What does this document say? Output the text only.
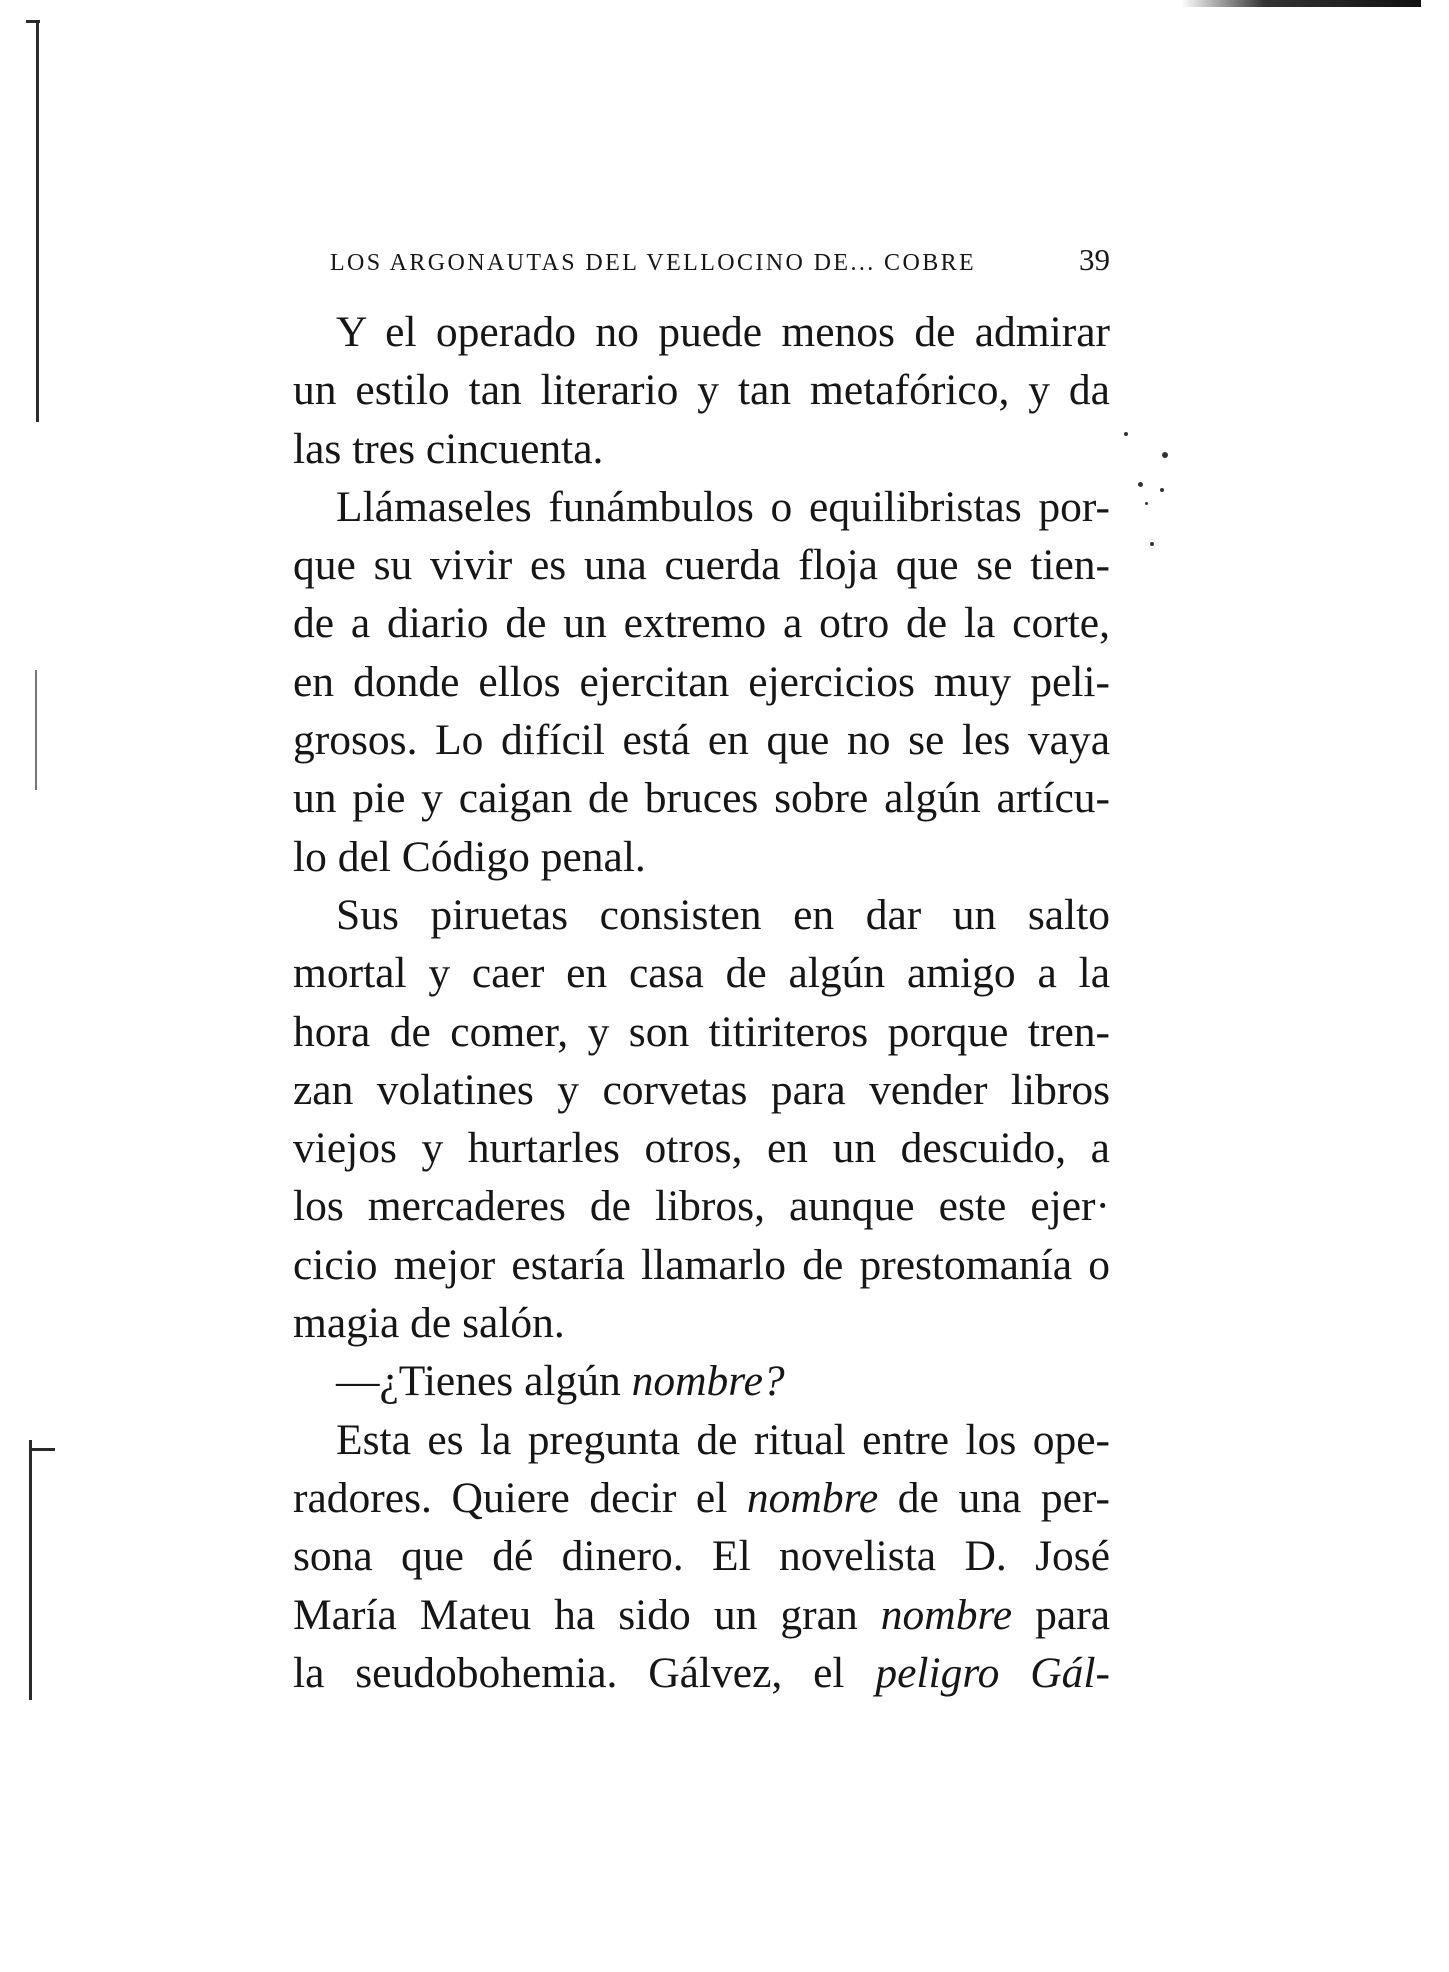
LOS ARGONAUTAS DEL VELLOCINO DE... COBRE	39
Y el operado no puede menos de admirar
un estilo tan literario y tan metafórico, y da
las tres cincuenta.
Llámaseles funámbulos o equilibristas por-
que su vivir es una cuerda floja que se tien-
de a diario de un extremo a otro de la corte,
en donde ellos ejercitan ejercicios muy peli-
grosos. Lo difícil está en que no se les vaya
un pie y caigan de bruces sobre algún artícu-
lo del Código penal.
Sus piruetas consisten en dar un salto
mortal y caer en casa de algún amigo a la
hora de comer, y son titiriteros porque tren-
zan volatines y corvetas para vender libros
viejos y hurtarles otros, en un descuido, a
los mercaderes de libros, aunque este ejer·
cicio mejor estaría llamarlo de prestomanía o
magia de salón.
—¿Tienes algún nombre?
Esta es la pregunta de ritual entre los ope-
radores. Quiere decir el nombre de una per-
sona que dé dinero. El novelista D. José
María Mateu ha sido un gran nombre para
la seudobohemia. Gálvez, el peligro Gál-
